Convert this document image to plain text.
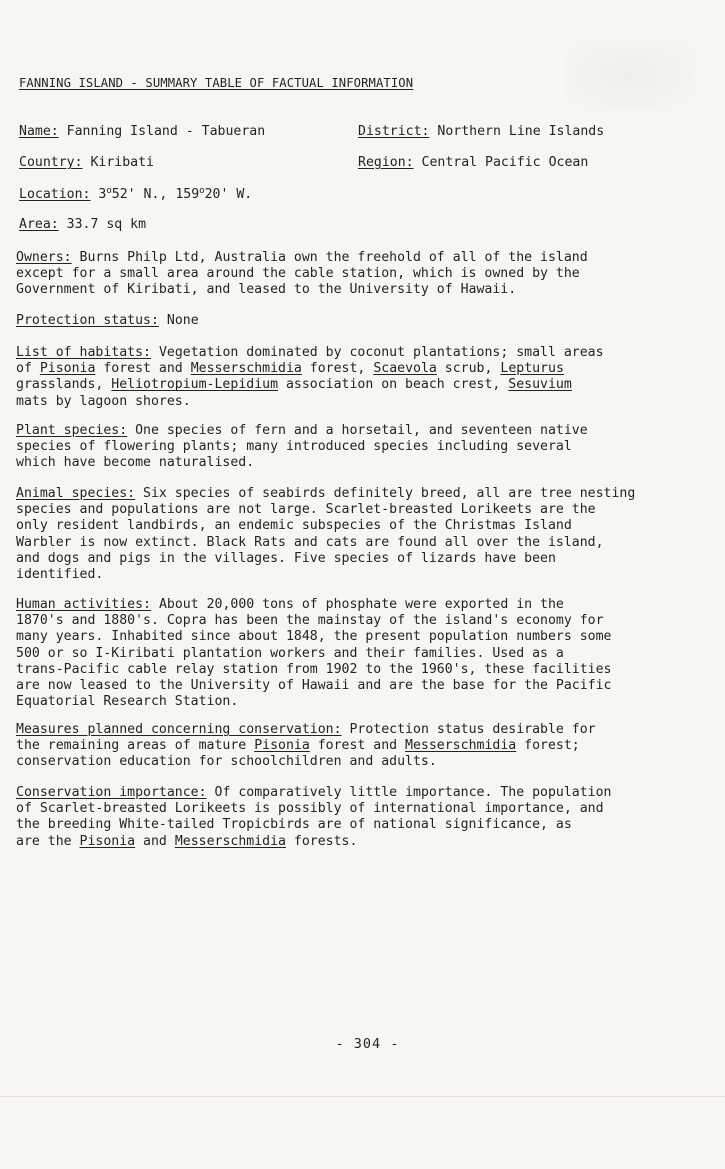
FANNING ISLAND - SUMMARY TABLE OF FACTUAL INFORMATION
Name: Fanning Island - Tabueran	District: Northern Line Islands
Country: Kiribati	Region: Central Pacific Ocean
Location: 3$^o$52' N., 159$^o$20' W.
Area: 33.7 sq km
Owners: Burns Philp Ltd, Australia own the freehold of all of the island
except for a small area around the cable station, which is owned by the
Government of Kiribati, and leased to the University of Hawaii.
Protection status: None
List of habitats: Vegetation dominated by coconut plantations; small areas
of Pisonia forest and Messerschmidia forest, Scaevola scrub, Lepturus
grasslands, Heliotropium-Lepidium association on beach crest, Sesuvium
mats by lagoon shores.
Plant species: One species of fern and a horsetail, and seventeen native
species of flowering plants; many introduced species including several
which have become naturalised.
Animal species: Six species of seabirds definitely breed, all are tree nesting
species and populations are not large. Scarlet-breasted Lorikeets are the
only resident landbirds, an endemic subspecies of the Christmas Island
Warbler is now extinct. Black Rats and cats are found all over the island,
and dogs and pigs in the villages. Five species of lizards have been
identified.
Human activities: About 20,000 tons of phosphate were exported in the
1870's and 1880's. Copra has been the mainstay of the island's economy for
many years. Inhabited since about 1848, the present population numbers some
500 or so I-Kiribati plantation workers and their families. Used as a
trans-Pacific cable relay station from 1902 to the 1960's, these facilities
are now leased to the University of Hawaii and are the base for the Pacific
Equatorial Research Station.
Measures planned concerning conservation: Protection status desirable for
the remaining areas of mature Pisonia forest and Messerschmidia forest;
conservation education for schoolchildren and adults.
Conservation importance: Of comparatively little importance. The population
of Scarlet-breasted Lorikeets is possibly of international importance, and
the breeding White-tailed Tropicbirds are of national significance, as
are the Pisonia and Messerschmidia forests.
- 304 -
